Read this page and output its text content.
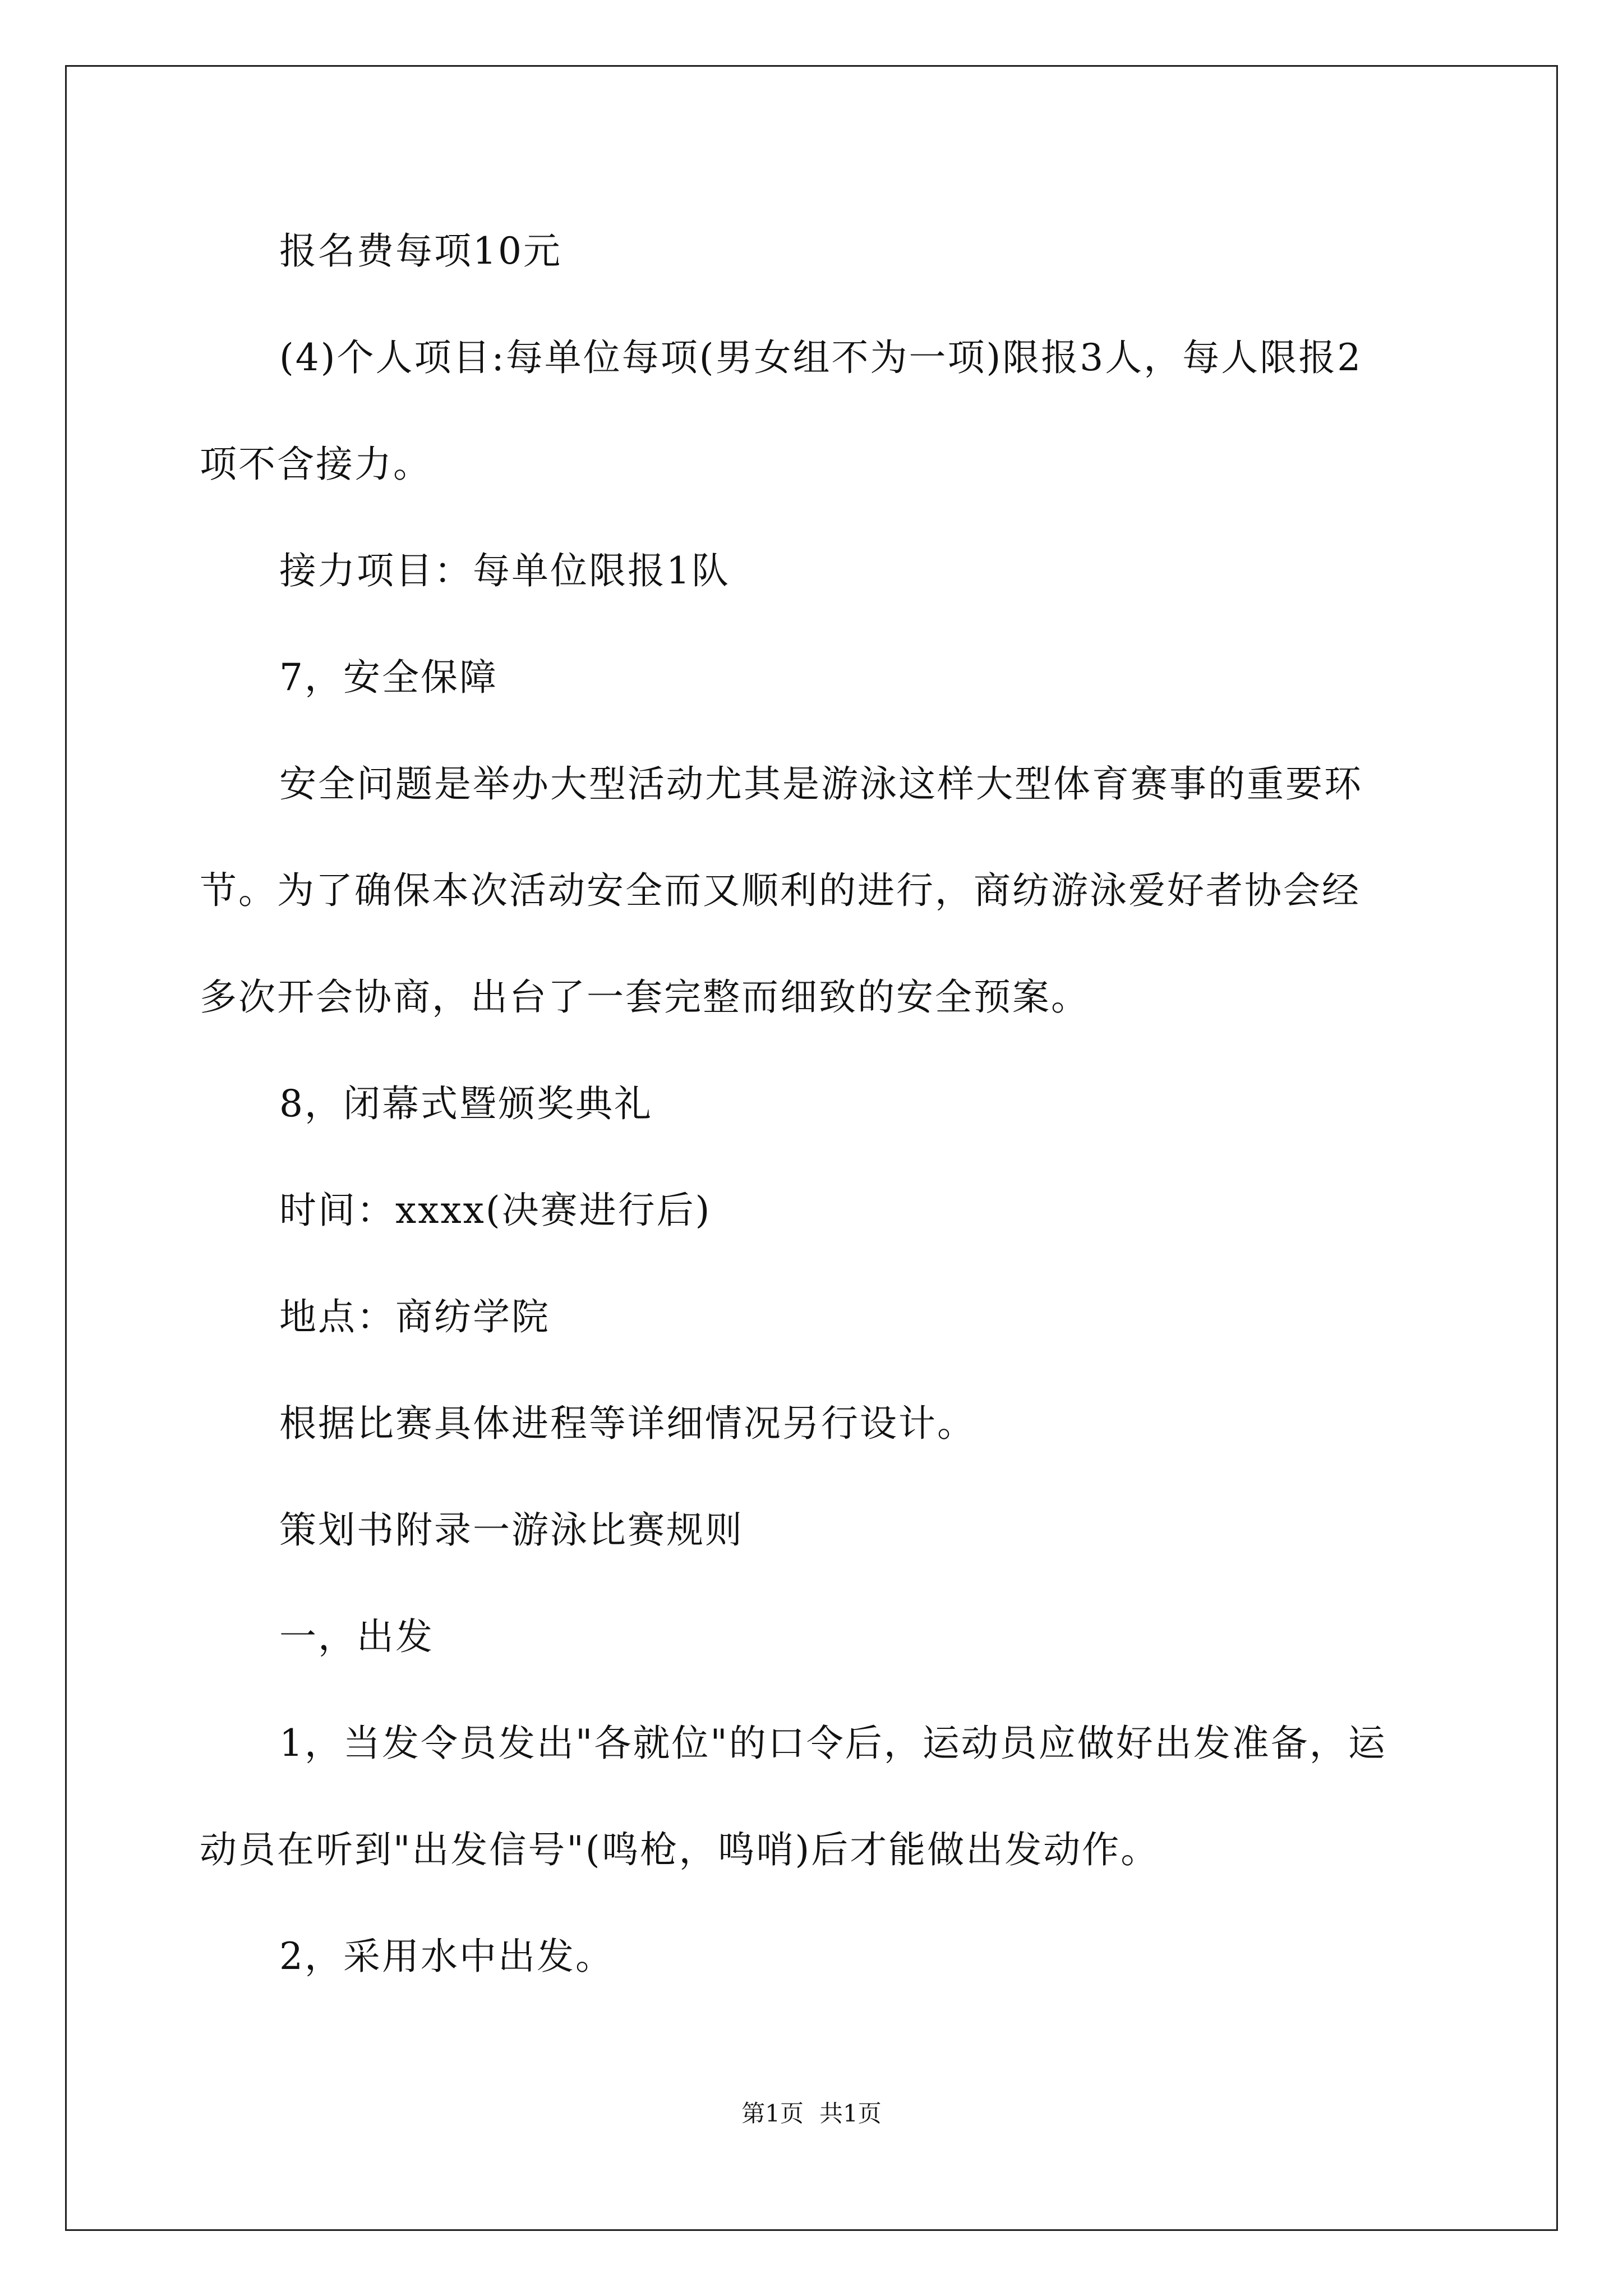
报名费每项10元
(4)个人项目:每单位每项(男女组不为一项)限报3人，每人限报2
项不含接力。
接力项目：每单位限报1队
7，安全保障
安全问题是举办大型活动尤其是游泳这样大型体育赛事的重要环
节。为了确保本次活动安全而又顺利的进行，商纺游泳爱好者协会经
多次开会协商，出台了一套完整而细致的安全预案。
8，闭幕式暨颁奖典礼
时间：xxxx(决赛进行后)
地点：商纺学院
根据比赛具体进程等详细情况另行设计。
策划书附录一游泳比赛规则
一，出发
1，当发令员发出"各就位"的口令后，运动员应做好出发准备，运
动员在听到"出发信号"(鸣枪，鸣哨)后才能做出发动作。
2，采用水中出发。
第1页 共1页
